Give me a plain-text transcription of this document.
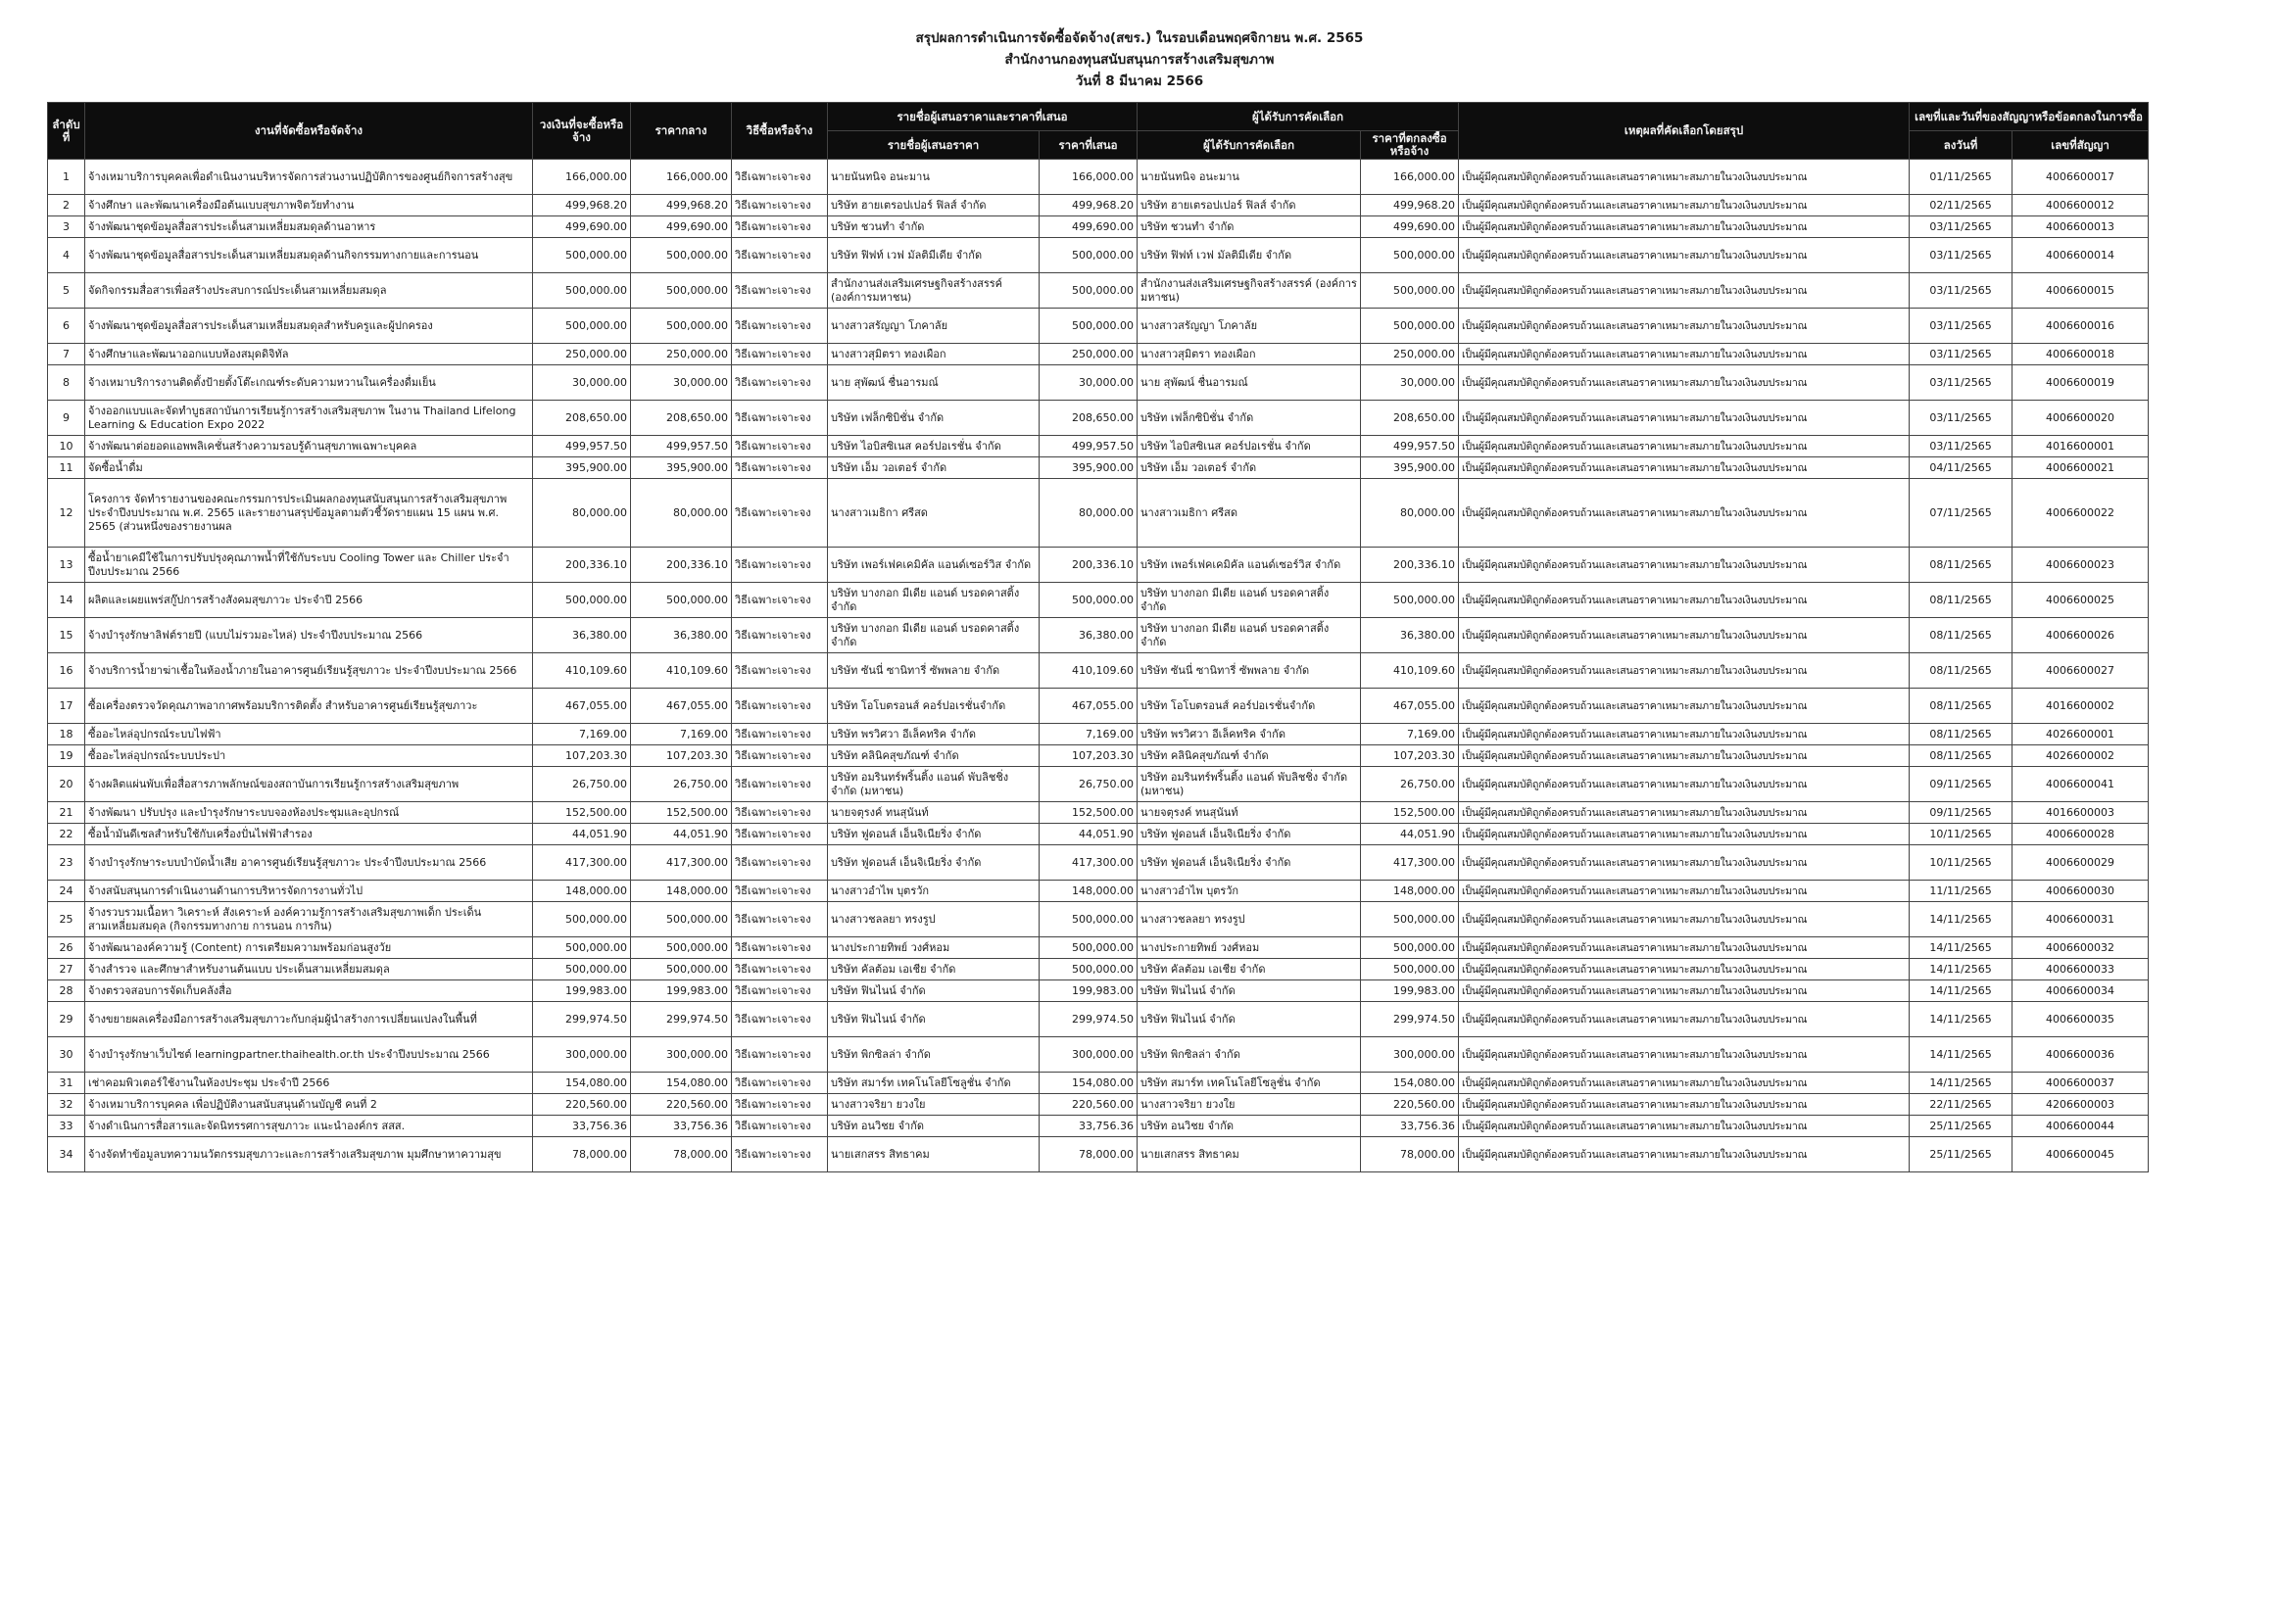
สรุปผลการดำเนินการจัดซื้อจัดจ้าง(สขร.) ในรอบเดือนพฤศจิกายน พ.ศ. 2565
สำนักงานกองทุนสนับสนุนการสร้างเสริมสุขภาพ
วันที่ 8 มีนาคม 2566
ลำดับที่	งานที่จัดซื้อหรือจัดจ้าง	วงเงินที่จะซื้อหรือจ้าง	ราคากลาง	วิธีซื้อหรือจ้าง	รายชื่อผู้เสนอราคาและราคาที่เสนอ		ผู้ได้รับการคัดเลือก		เหตุผลที่คัดเลือกโดยสรุป	เลขที่และวันที่ของสัญญาหรือข้อตกลงในการซื้อ	
					รายชื่อผู้เสนอราคา	ราคาที่เสนอ	ผู้ได้รับการคัดเลือก	ราคาที่ตกลงซื้อหรือจ้าง		ลงวันที่	เลขที่สัญญา
1	จ้างเหมาบริการบุคคลเพื่อดำเนินงานบริหารจัดการส่วนงานปฏิบัติการของศูนย์กิจการสร้างสุข	166,000.00	166,000.00	วิธีเฉพาะเจาะจง	นายนันทนิจ อนะมาน	166,000.00	นายนันทนิจ อนะมาน	166,000.00	เป็นผู้มีคุณสมบัติถูกต้องครบถ้วนและเสนอราคาเหมาะสมภายในวงเงินงบประมาณ	01/11/2565	4006600017
2	จ้างศึกษา และพัฒนาเครื่องมือต้นแบบสุขภาพจิตวัยทำงาน	499,968.20	499,968.20	วิธีเฉพาะเจาะจง	บริษัท ฮายเตรอปเปอร์ ฟิลส์ จำกัด	499,968.20	บริษัท ฮายเตรอปเปอร์ ฟิลส์ จำกัด	499,968.20	เป็นผู้มีคุณสมบัติถูกต้องครบถ้วนและเสนอราคาเหมาะสมภายในวงเงินงบประมาณ	02/11/2565	4006600012
3	จ้างพัฒนาชุดข้อมูลสื่อสารประเด็นสามเหลี่ยมสมดุลด้านอาหาร	499,690.00	499,690.00	วิธีเฉพาะเจาะจง	บริษัท ชวนทำ จำกัด	499,690.00	บริษัท ชวนทำ จำกัด	499,690.00	เป็นผู้มีคุณสมบัติถูกต้องครบถ้วนและเสนอราคาเหมาะสมภายในวงเงินงบประมาณ	03/11/2565	4006600013
4	จ้างพัฒนาชุดข้อมูลสื่อสารประเด็นสามเหลี่ยมสมดุลด้านกิจกรรมทางกายและการนอน	500,000.00	500,000.00	วิธีเฉพาะเจาะจง	บริษัท ฟิฟท์ เวฟ มัลติมีเดีย จำกัด	500,000.00	บริษัท ฟิฟท์ เวฟ มัลติมีเดีย จำกัด	500,000.00	เป็นผู้มีคุณสมบัติถูกต้องครบถ้วนและเสนอราคาเหมาะสมภายในวงเงินงบประมาณ	03/11/2565	4006600014
5	จัดกิจกรรมสื่อสารเพื่อสร้างประสบการณ์ประเด็นสามเหลี่ยมสมดุล	500,000.00	500,000.00	วิธีเฉพาะเจาะจง	สำนักงานส่งเสริมเศรษฐกิจสร้างสรรค์ (องค์การมหาชน)	500,000.00	สำนักงานส่งเสริมเศรษฐกิจสร้างสรรค์ (องค์การมหาชน)	500,000.00	เป็นผู้มีคุณสมบัติถูกต้องครบถ้วนและเสนอราคาเหมาะสมภายในวงเงินงบประมาณ	03/11/2565	4006600015
6	จ้างพัฒนาชุดข้อมูลสื่อสารประเด็นสามเหลี่ยมสมดุลสำหรับครูและผู้ปกครอง	500,000.00	500,000.00	วิธีเฉพาะเจาะจง	นางสาวสรัญญา โภคาลัย	500,000.00	นางสาวสรัญญา โภคาลัย	500,000.00	เป็นผู้มีคุณสมบัติถูกต้องครบถ้วนและเสนอราคาเหมาะสมภายในวงเงินงบประมาณ	03/11/2565	4006600016
7	จ้างศึกษาและพัฒนาออกแบบห้องสมุดดิจิทัล	250,000.00	250,000.00	วิธีเฉพาะเจาะจง	นางสาวสุมิตรา ทองเผือก	250,000.00	นางสาวสุมิตรา ทองเผือก	250,000.00	เป็นผู้มีคุณสมบัติถูกต้องครบถ้วนและเสนอราคาเหมาะสมภายในวงเงินงบประมาณ	03/11/2565	4006600018
8	จ้างเหมาบริการงานติดตั้งป้ายตั้งโต๊ะเกณฑ์ระดับความหวานในเครื่องดื่มเย็น	30,000.00	30,000.00	วิธีเฉพาะเจาะจง	นาย สุพัฒน์ ชื่นอารมณ์	30,000.00	นาย สุพัฒน์ ชื่นอารมณ์	30,000.00	เป็นผู้มีคุณสมบัติถูกต้องครบถ้วนและเสนอราคาเหมาะสมภายในวงเงินงบประมาณ	03/11/2565	4006600019
9	จ้างออกแบบและจัดทำบูธสถาบันการเรียนรู้การสร้างเสริมสุขภาพ ในงาน Thailand Lifelong Learning & Education Expo 2022	208,650.00	208,650.00	วิธีเฉพาะเจาะจง	บริษัท เฟล็กซิบิชั่น จำกัด	208,650.00	บริษัท เฟล็กซิบิชั่น จำกัด	208,650.00	เป็นผู้มีคุณสมบัติถูกต้องครบถ้วนและเสนอราคาเหมาะสมภายในวงเงินงบประมาณ	03/11/2565	4006600020
10	จ้างพัฒนาต่อยอดแอพพลิเคชั่นสร้างความรอบรู้ด้านสุขภาพเฉพาะบุคคล	499,957.50	499,957.50	วิธีเฉพาะเจาะจง	บริษัท ไอบิสซิเนส คอร์ปอเรชั่น จำกัด	499,957.50	บริษัท ไอบิสซิเนส คอร์ปอเรชั่น จำกัด	499,957.50	เป็นผู้มีคุณสมบัติถูกต้องครบถ้วนและเสนอราคาเหมาะสมภายในวงเงินงบประมาณ	03/11/2565	4016600001
11	จัดซื้อน้ำดื่ม	395,900.00	395,900.00	วิธีเฉพาะเจาะจง	บริษัท เอ็ม วอเตอร์ จำกัด	395,900.00	บริษัท เอ็ม วอเตอร์ จำกัด	395,900.00	เป็นผู้มีคุณสมบัติถูกต้องครบถ้วนและเสนอราคาเหมาะสมภายในวงเงินงบประมาณ	04/11/2565	4006600021
12	โครงการ จัดทำรายงานของคณะกรรมการประเมินผลกองทุนสนับสนุนการสร้างเสริมสุขภาพ ประจำปีงบประมาณ พ.ศ. 2565 และรายงานสรุปข้อมูลตามตัวชี้วัดรายแผน 15 แผน พ.ศ. 2565 (ส่วนหนึ่งของรายงานผล	80,000.00	80,000.00	วิธีเฉพาะเจาะจง	นางสาวเมธิกา ศรีสด	80,000.00	นางสาวเมธิกา ศรีสด	80,000.00	เป็นผู้มีคุณสมบัติถูกต้องครบถ้วนและเสนอราคาเหมาะสมภายในวงเงินงบประมาณ	07/11/2565	4006600022
13	ซื้อน้ำยาเคมีใช้ในการปรับปรุงคุณภาพน้ำที่ใช้กับระบบ Cooling Tower และ Chiller ประจำปีงบประมาณ 2566	200,336.10	200,336.10	วิธีเฉพาะเจาะจง	บริษัท เพอร์เฟคเคมิคัล แอนด์เซอร์วิส จำกัด	200,336.10	บริษัท เพอร์เฟคเคมิคัล แอนด์เซอร์วิส จำกัด	200,336.10	เป็นผู้มีคุณสมบัติถูกต้องครบถ้วนและเสนอราคาเหมาะสมภายในวงเงินงบประมาณ	08/11/2565	4006600023
14	ผลิตและเผยแพร่สกู๊ปการสร้างสังคมสุขภาวะ ประจำปี 2566	500,000.00	500,000.00	วิธีเฉพาะเจาะจง	บริษัท บางกอก มีเดีย แอนด์ บรอดคาสติ้ง จำกัด	500,000.00	บริษัท บางกอก มีเดีย แอนด์ บรอดคาสติ้ง จำกัด	500,000.00	เป็นผู้มีคุณสมบัติถูกต้องครบถ้วนและเสนอราคาเหมาะสมภายในวงเงินงบประมาณ	08/11/2565	4006600025
15	จ้างบำรุงรักษาลิฟต์รายปี (แบบไม่รวมอะไหล่) ประจำปีงบประมาณ 2566	36,380.00	36,380.00	วิธีเฉพาะเจาะจง	บริษัท บางกอก มีเดีย แอนด์ บรอดคาสติ้ง จำกัด	36,380.00	บริษัท บางกอก มีเดีย แอนด์ บรอดคาสติ้ง จำกัด	36,380.00	เป็นผู้มีคุณสมบัติถูกต้องครบถ้วนและเสนอราคาเหมาะสมภายในวงเงินงบประมาณ	08/11/2565	4006600026
16	จ้างบริการน้ำยาฆ่าเชื้อในห้องน้ำภายในอาคารศูนย์เรียนรู้สุขภาวะ ประจำปีงบประมาณ 2566	410,109.60	410,109.60	วิธีเฉพาะเจาะจง	บริษัท ซันนี่ ซานิทารี่ ซัพพลาย จำกัด	410,109.60	บริษัท ซันนี่ ซานิทารี่ ซัพพลาย จำกัด	410,109.60	เป็นผู้มีคุณสมบัติถูกต้องครบถ้วนและเสนอราคาเหมาะสมภายในวงเงินงบประมาณ	08/11/2565	4006600027
17	ซื้อเครื่องตรวจวัดคุณภาพอากาศพร้อมบริการติดตั้ง สำหรับอาคารศูนย์เรียนรู้สุขภาวะ	467,055.00	467,055.00	วิธีเฉพาะเจาะจง	บริษัท โอโบตรอนส์ คอร์ปอเรชั่นจำกัด	467,055.00	บริษัท โอโบตรอนส์ คอร์ปอเรชั่นจำกัด	467,055.00	เป็นผู้มีคุณสมบัติถูกต้องครบถ้วนและเสนอราคาเหมาะสมภายในวงเงินงบประมาณ	08/11/2565	4016600002
18	ซื้ออะไหล่อุปกรณ์ระบบไฟฟ้า	7,169.00	7,169.00	วิธีเฉพาะเจาะจง	บริษัท พรวิศวา อีเล็คทริค จำกัด	7,169.00	บริษัท พรวิศวา อีเล็คทริค จำกัด	7,169.00	เป็นผู้มีคุณสมบัติถูกต้องครบถ้วนและเสนอราคาเหมาะสมภายในวงเงินงบประมาณ	08/11/2565	4026600001
19	ซื้ออะไหล่อุปกรณ์ระบบประปา	107,203.30	107,203.30	วิธีเฉพาะเจาะจง	บริษัท คลินิคสุขภัณฑ์ จำกัด	107,203.30	บริษัท คลินิคสุขภัณฑ์ จำกัด	107,203.30	เป็นผู้มีคุณสมบัติถูกต้องครบถ้วนและเสนอราคาเหมาะสมภายในวงเงินงบประมาณ	08/11/2565	4026600002
20	จ้างผลิตแผ่นพับเพื่อสื่อสารภาพลักษณ์ของสถาบันการเรียนรู้การสร้างเสริมสุขภาพ	26,750.00	26,750.00	วิธีเฉพาะเจาะจง	บริษัท อมรินทร์พริ้นติ้ง แอนด์ พับลิชชิ่ง จำกัด (มหาชน)	26,750.00	บริษัท อมรินทร์พริ้นติ้ง แอนด์ พับลิชชิ่ง จำกัด (มหาชน)	26,750.00	เป็นผู้มีคุณสมบัติถูกต้องครบถ้วนและเสนอราคาเหมาะสมภายในวงเงินงบประมาณ	09/11/2565	4006600041
21	จ้างพัฒนา ปรับปรุง และบำรุงรักษาระบบจองห้องประชุมและอุปกรณ์	152,500.00	152,500.00	วิธีเฉพาะเจาะจง	นายจตุรงค์ ทนสุนันท์	152,500.00	นายจตุรงค์ ทนสุนันท์	152,500.00	เป็นผู้มีคุณสมบัติถูกต้องครบถ้วนและเสนอราคาเหมาะสมภายในวงเงินงบประมาณ	09/11/2565	4016600003
22	ซื้อน้ำมันดีเซลสำหรับใช้กับเครื่องปั่นไฟฟ้าสำรอง	44,051.90	44,051.90	วิธีเฉพาะเจาะจง	บริษัท ฟูดอนส์ เอ็นจิเนียริ่ง จำกัด	44,051.90	บริษัท ฟูดอนส์ เอ็นจิเนียริ่ง จำกัด	44,051.90	เป็นผู้มีคุณสมบัติถูกต้องครบถ้วนและเสนอราคาเหมาะสมภายในวงเงินงบประมาณ	10/11/2565	4006600028
23	จ้างบำรุงรักษาระบบบำบัดน้ำเสีย อาคารศูนย์เรียนรู้สุขภาวะ ประจำปีงบประมาณ 2566	417,300.00	417,300.00	วิธีเฉพาะเจาะจง	บริษัท ฟูดอนส์ เอ็นจิเนียริ่ง จำกัด	417,300.00	บริษัท ฟูดอนส์ เอ็นจิเนียริ่ง จำกัด	417,300.00	เป็นผู้มีคุณสมบัติถูกต้องครบถ้วนและเสนอราคาเหมาะสมภายในวงเงินงบประมาณ	10/11/2565	4006600029
24	จ้างสนับสนุนการดำเนินงานด้านการบริหารจัดการงานทั่วไป	148,000.00	148,000.00	วิธีเฉพาะเจาะจง	นางสาวอำไพ บุตรวัก	148,000.00	นางสาวอำไพ บุตรวัก	148,000.00	เป็นผู้มีคุณสมบัติถูกต้องครบถ้วนและเสนอราคาเหมาะสมภายในวงเงินงบประมาณ	11/11/2565	4006600030
25	จ้างรวบรวมเนื้อหา วิเคราะห์ สังเคราะห์ องค์ความรู้การสร้างเสริมสุขภาพเด็ก ประเด็นสามเหลี่ยมสมดุล (กิจกรรมทางกาย การนอน การกิน)	500,000.00	500,000.00	วิธีเฉพาะเจาะจง	นางสาวชลลยา ทรงรูป	500,000.00	นางสาวชลลยา ทรงรูป	500,000.00	เป็นผู้มีคุณสมบัติถูกต้องครบถ้วนและเสนอราคาเหมาะสมภายในวงเงินงบประมาณ	14/11/2565	4006600031
26	จ้างพัฒนาองค์ความรู้ (Content) การเตรียมความพร้อมก่อนสูงวัย	500,000.00	500,000.00	วิธีเฉพาะเจาะจง	นางประกายทิพย์ วงศ์หอม	500,000.00	นางประกายทิพย์ วงศ์หอม	500,000.00	เป็นผู้มีคุณสมบัติถูกต้องครบถ้วนและเสนอราคาเหมาะสมภายในวงเงินงบประมาณ	14/11/2565	4006600032
27	จ้างสำรวจ และศึกษาสำหรับงานต้นแบบ ประเด็นสามเหลี่ยมสมดุล	500,000.00	500,000.00	วิธีเฉพาะเจาะจง	บริษัท คัลต้อม เอเชีย จำกัด	500,000.00	บริษัท คัลต้อม เอเชีย จำกัด	500,000.00	เป็นผู้มีคุณสมบัติถูกต้องครบถ้วนและเสนอราคาเหมาะสมภายในวงเงินงบประมาณ	14/11/2565	4006600033
28	จ้างตรวจสอบการจัดเก็บคลังสื่อ	199,983.00	199,983.00	วิธีเฉพาะเจาะจง	บริษัท ฟินไนน์ จำกัด	199,983.00	บริษัท ฟินไนน์ จำกัด	199,983.00	เป็นผู้มีคุณสมบัติถูกต้องครบถ้วนและเสนอราคาเหมาะสมภายในวงเงินงบประมาณ	14/11/2565	4006600034
29	จ้างขยายผลเครื่องมือการสร้างเสริมสุขภาวะกับกลุ่มผู้นำสร้างการเปลี่ยนแปลงในพื้นที่	299,974.50	299,974.50	วิธีเฉพาะเจาะจง	บริษัท ฟินไนน์ จำกัด	299,974.50	บริษัท ฟินไนน์ จำกัด	299,974.50	เป็นผู้มีคุณสมบัติถูกต้องครบถ้วนและเสนอราคาเหมาะสมภายในวงเงินงบประมาณ	14/11/2565	4006600035
30	จ้างบำรุงรักษาเว็บไซต์ learningpartner.thaihealth.or.th ประจำปีงบประมาณ 2566	300,000.00	300,000.00	วิธีเฉพาะเจาะจง	บริษัท พิกซิลล่า จำกัด	300,000.00	บริษัท พิกซิลล่า จำกัด	300,000.00	เป็นผู้มีคุณสมบัติถูกต้องครบถ้วนและเสนอราคาเหมาะสมภายในวงเงินงบประมาณ	14/11/2565	4006600036
31	เช่าคอมพิวเตอร์ใช้งานในห้องประชุม ประจำปี 2566	154,080.00	154,080.00	วิธีเฉพาะเจาะจง	บริษัท สมาร์ท เทคโนโลยีโซลูชั่น จำกัด	154,080.00	บริษัท สมาร์ท เทคโนโลยีโซลูชั่น จำกัด	154,080.00	เป็นผู้มีคุณสมบัติถูกต้องครบถ้วนและเสนอราคาเหมาะสมภายในวงเงินงบประมาณ	14/11/2565	4006600037
32	จ้างเหมาบริการบุคคล เพื่อปฏิบัติงานสนับสนุนด้านบัญชี คนที่ 2	220,560.00	220,560.00	วิธีเฉพาะเจาะจง	นางสาวจริยา ยวงใย	220,560.00	นางสาวจริยา ยวงใย	220,560.00	เป็นผู้มีคุณสมบัติถูกต้องครบถ้วนและเสนอราคาเหมาะสมภายในวงเงินงบประมาณ	22/11/2565	4206600003
33	จ้างดำเนินการสื่อสารและจัดนิทรรศการสุขภาวะ แนะนำองค์กร สสส.	33,756.36	33,756.36	วิธีเฉพาะเจาะจง	บริษัท อนวิชย จำกัด	33,756.36	บริษัท อนวิชย จำกัด	33,756.36	เป็นผู้มีคุณสมบัติถูกต้องครบถ้วนและเสนอราคาเหมาะสมภายในวงเงินงบประมาณ	25/11/2565	4006600044
34	จ้างจัดทำข้อมูลบทความนวัตกรรมสุขภาวะและการสร้างเสริมสุขภาพ มุมศึกษาหาความสุข	78,000.00	78,000.00	วิธีเฉพาะเจาะจง	นายเสกสรร สิทธาคม	78,000.00	นายเสกสรร สิทธาคม	78,000.00	เป็นผู้มีคุณสมบัติถูกต้องครบถ้วนและเสนอราคาเหมาะสมภายในวงเงินงบประมาณ	25/11/2565	4006600045
